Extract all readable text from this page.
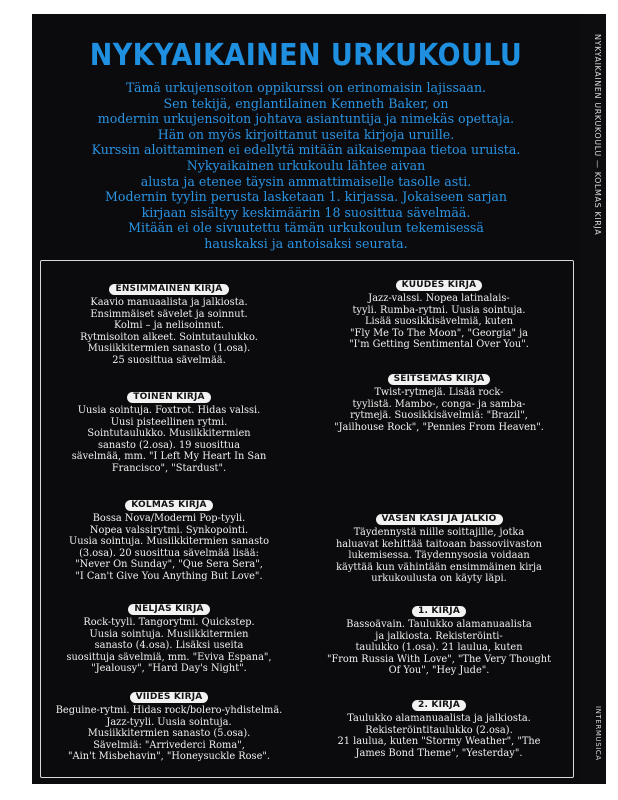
NYKYAIKAINEN URKUKOULU
Tämä urkujensoiton oppikurssi on erinomaisin lajissaan.
Sen tekijä, englantilainen Kenneth Baker, on
modernin urkujensoiton johtava asiantuntija ja nimekäs opettaja.
Hän on myös kirjoittanut useita kirjoja uruille.
Kurssin aloittaminen ei edellytä mitään aikaisempaa tietoa uruista.
Nykyaikainen urkukoulu lähtee aivan
alusta ja etenee täysin ammattimaiselle tasolle asti.
Modernin tyylin perusta lasketaan 1. kirjassa. Jokaiseen sarjan
kirjaan sisältyy keskimäärin 18 suosittua sävelmää.
Mitään ei ole sivuutettu tämän urkukoulun tekemisessä
hauskaksi ja antoisaksi seurata.
ENSIMMÄINEN KIRJA
Kaavio manuaalista ja jalkiosta.
Ensimmäiset sävelet ja soinnut.
Kolmi – ja nelisoinnut.
Rytmisoiton alkeet. Sointutaulukko.
Musiikkitermien sanasto (1.osa).
25 suosittua sävelmää.
TOINEN KIRJA
Uusia sointuja. Foxtrot. Hidas valssi.
Uusi pisteellinen rytmi.
Sointutaulukko. Musiikkitermien
sanasto (2.osa). 19 suosittua
sävelmää, mm. "I Left My Heart In San
Francisco", "Stardust".
KOLMAS KIRJA
Bossa Nova/Moderni Pop-tyyli.
Nopea valssirytmi. Synkopointi.
Uusia sointuja. Musiikkitermien sanasto
(3.osa). 20 suosittua sävelmää lisää:
"Never On Sunday", "Que Sera Sera",
"I Can't Give You Anything But Love".
NELJÄS KIRJA
Rock-tyyli. Tangorytmi. Quickstep.
Uusia sointuja. Musiikkitermien
sanasto (4.osa). Lisäksi useita
suosittuja sävelmiä, mm. "Eviva Espana",
"Jealousy", "Hard Day's Night".
VIIDES KIRJA
Beguine-rytmi. Hidas rock/bolero-yhdistelmä.
Jazz-tyyli. Uusia sointuja.
Musiikkitermien sanasto (5.osa).
Sävelmiä: "Arrivederci Roma",
"Ain't Misbehavin", "Honeysuckle Rose".
KUUDES KIRJA
Jazz-valssi. Nopea latinalais-
tyyli. Rumba-rytmi. Uusia sointuja.
Lisää suosikkisävelmiä, kuten
"Fly Me To The Moon", "Georgia" ja
"I'm Getting Sentimental Over You".
SEITSEMÄS KIRJA
Twist-rytmejä. Lisää rock-
tyylistä. Mambo-, conga- ja samba-
rytmejä. Suosikkisävelmiä: "Brazil",
"Jailhouse Rock", "Pennies From Heaven".
VASEN KÄSI JA JALKIO
Täydennystä niille soittajille, jotka
haluavat kehittää taitoaan bassoviivaston
lukemisessa. Täydennysosia voidaan
käyttää kun vähintään ensimmäinen kirja
urkukoulusta on käyty läpi.
1. KIRJA
Bassoävain. Taulukko alamanuaalista
ja jalkiosta. Rekisteröinti-
taulukko (1.osa). 21 laulua, kuten
"From Russia With Love", "The Very Thought
Of You", "Hey Jude".
2. KIRJA
Taulukko alamanuaalista ja jalkiosta.
Rekisteröintitaulukko (2.osa).
21 laulua, kuten "Stormy Weather", "The
James Bond Theme", "Yesterday".
NYKYAIKAINEN URKUKOULU — KOLMAS KIRJA
INTERMUSICA
